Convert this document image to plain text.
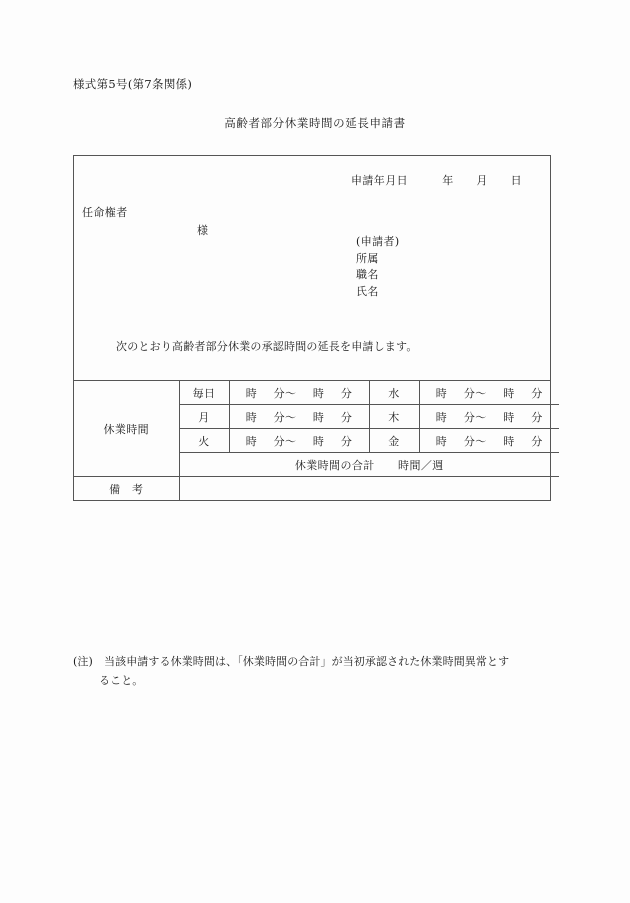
様式第5号(第7条関係)
高齢者部分休業時間の延長申請書
申請年月日　　　年　　月　　日
任命権者
様
(申請者)
所属
職名
氏名
次のとおり高齢者部分休業の承認時間の延長を申請します。
休業時間	毎日	時 分～ 時 分	水	時 分～ 時 分

	月	時 分～ 時 分	木	時 分～ 時 分

	火	時 分～ 時 分	金	時 分～ 時 分

	休業時間の合計 時間／週			
備　考				
(注)　 当該申請する休業時間は、「休業時間の合計」が当初承認された休業時間異常とす
ること。
